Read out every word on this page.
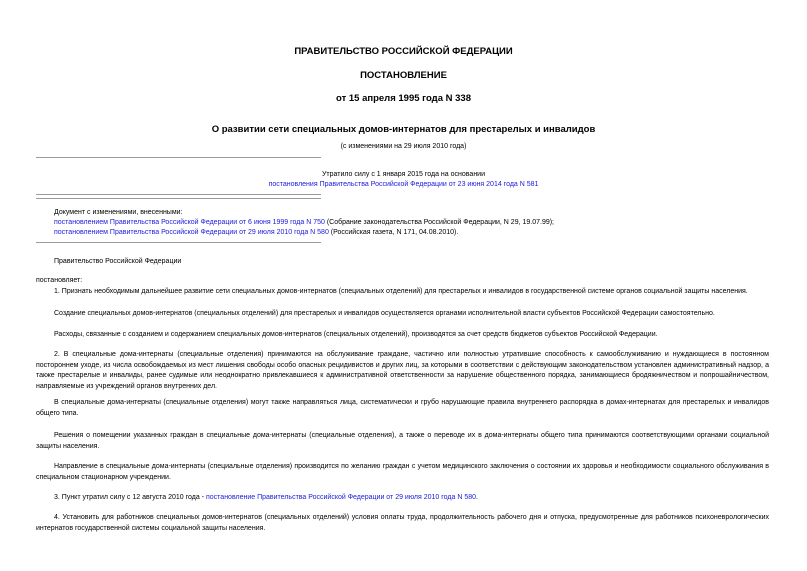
ПРАВИТЕЛЬСТВО РОССИЙСКОЙ ФЕДЕРАЦИИ
ПОСТАНОВЛЕНИЕ
от 15 апреля 1995 года N 338
О развитии сети специальных домов-интернатов для престарелых и инвалидов
(с изменениями на 29 июля 2010 года)
Утратило силу с 1 января 2015 года на основании
постановления Правительства Российской Федерации от 23 июня 2014 года N 581
Документ с изменениями, внесенными:
постановлением Правительства Российской Федерации от 6 июня 1999 года N 750 (Собрание законодательства Российской Федерации, N 29, 19.07.99);
постановлением Правительства Российской Федерации от 29 июля 2010 года N 580 (Российская газета, N 171, 04.08.2010).
Правительство Российской Федерации
постановляет:
1. Признать необходимым дальнейшее развитие сети специальных домов-интернатов (специальных отделений) для престарелых и инвалидов в государственной системе органов социальной защиты населения.
Создание специальных домов-интернатов (специальных отделений) для престарелых и инвалидов осуществляется органами исполнительной власти субъектов Российской Федерации самостоятельно.
Расходы, связанные с созданием и содержанием специальных домов-интернатов (специальных отделений), производятся за счет средств бюджетов субъектов Российской Федерации.
2. В специальные дома-интернаты (специальные отделения) принимаются на обслуживание граждане, частично или полностью утратившие способность к самообслуживанию и нуждающиеся в постоянном постороннем уходе, из числа освобождаемых из мест лишения свободы особо опасных рецидивистов и других лиц, за которыми в соответствии с действующим законодательством установлен административный надзор, а также престарелые и инвалиды, ранее судимые или неоднократно привлекавшиеся к административной ответственности за нарушение общественного порядка, занимающиеся бродяжничеством и попрошайничеством, направляемые из учреждений органов внутренних дел.
В специальные дома-интернаты (специальные отделения) могут также направляться лица, систематически и грубо нарушающие правила внутреннего распорядка в домах-интернатах для престарелых и инвалидов общего типа.
Решения о помещении указанных граждан в специальные дома-интернаты (специальные отделения), а также о переводе их в дома-интернаты общего типа принимаются соответствующими органами социальной защиты населения.
Направление в специальные дома-интернаты (специальные отделения) производится по желанию граждан с учетом медицинского заключения о состоянии их здоровья и необходимости социального обслуживания в специальном стационарном учреждении.
3. Пункт утратил силу с 12 августа 2010 года - постановление Правительства Российской Федерации от 29 июля 2010 года N 580.
4. Установить для работников специальных домов-интернатов (специальных отделений) условия оплаты труда, продолжительность рабочего дня и отпуска, предусмотренные для работников психоневрологических интернатов государственной системы социальной защиты населения.
